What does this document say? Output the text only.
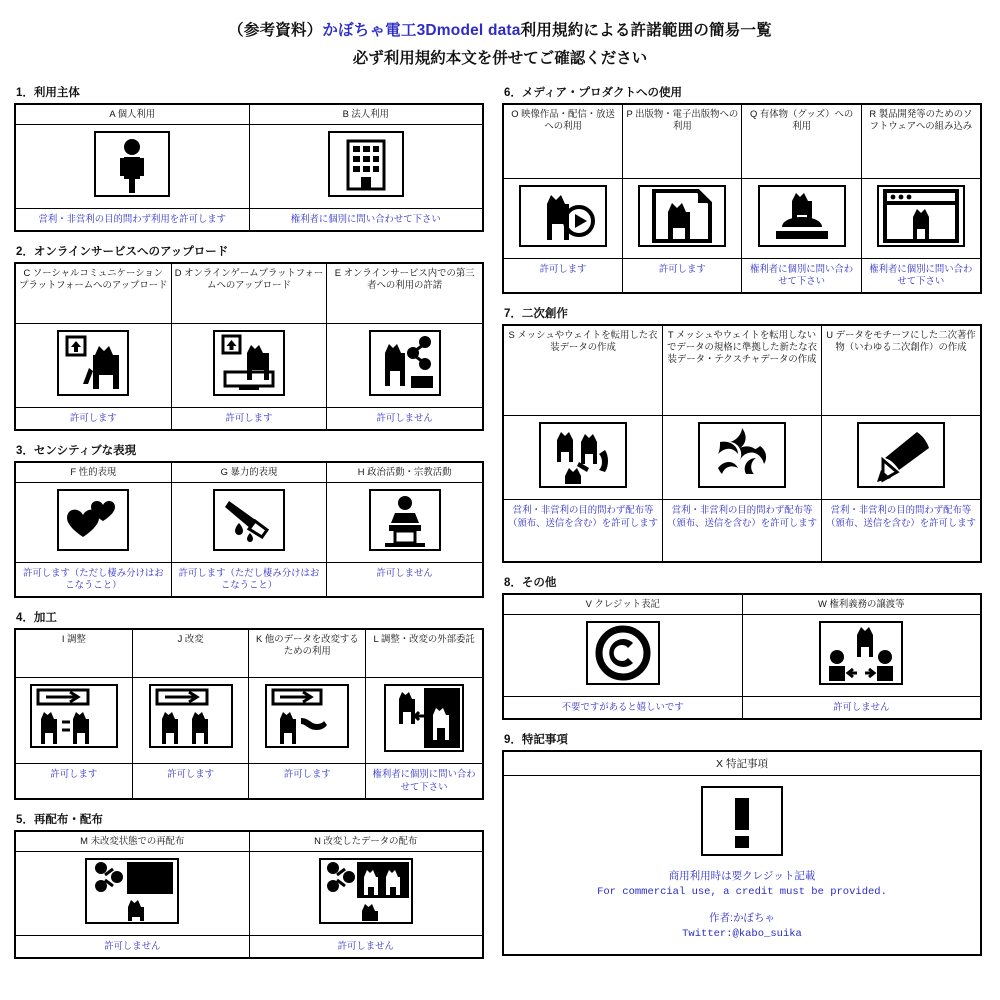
（参考資料）かぼちゃ電工3Dmodel data利用規約による許諾範囲の簡易一覧
必ず利用規約本文を併せてご確認ください
1．利用主体
A 個人利用	B 法人利用

営利・非営利の目的問わず利用を許可します	権利者に個別に問い合わせて下さい
2．オンラインサービスへのアップロード
C ソーシャルコミュニケーションプラットフォームへのアップロード	D オンラインゲームプラットフォームへのアップロード	E オンラインサービス内での第三者への利用の許諾

許可します	許可します	許可しません
3．センシティブな表現
F 性的表現	G 暴力的表現	H 政治活動・宗教活動

許可します（ただし棲み分けはおこなうこと）	許可します（ただし棲み分けはおこなうこと）	許可しません
4．加工
I 調整	J 改変	K 他のデータを改変するための利用	L 調整・改変の外部委託

許可します	許可します	許可します	権利者に個別に問い合わせて下さい
5．再配布・配布
M 未改変状態での再配布	N 改変したデータの配布

許可しません	許可しません
6．メディア・プロダクトへの使用
O 映像作品・配信・放送への利用	P 出版物・電子出版物への利用	Q 有体物（グッズ）への利用	R 製品開発等のためのソフトウェアへの組み込み

許可します	許可します	権利者に個別に問い合わせて下さい	権利者に個別に問い合わせて下さい
7．二次創作
S メッシュやウェイトを転用した衣装データの作成	T メッシュやウェイトを転用しないでデータの規格に準拠した新たな衣装データ・テクスチャデータの作成	U データをモチーフにした二次著作物（いわゆる二次創作）の作成

営利・非営利の目的問わず配布等（頒布、送信を含む）を許可します	営利・非営利の目的問わず配布等（頒布、送信を含む）を許可します	営利・非営利の目的問わず配布等（頒布、送信を含む）を許可します
8．その他
V クレジット表記	W 権利義務の譲渡等

不要ですがあると嬉しいです	許可しません
9．特記事項
X 特記事項

商用利用時は要クレジット記載
For commercial use, a credit must be provided.
作者:かぼちゃ
Twitter:@kabo_suika
